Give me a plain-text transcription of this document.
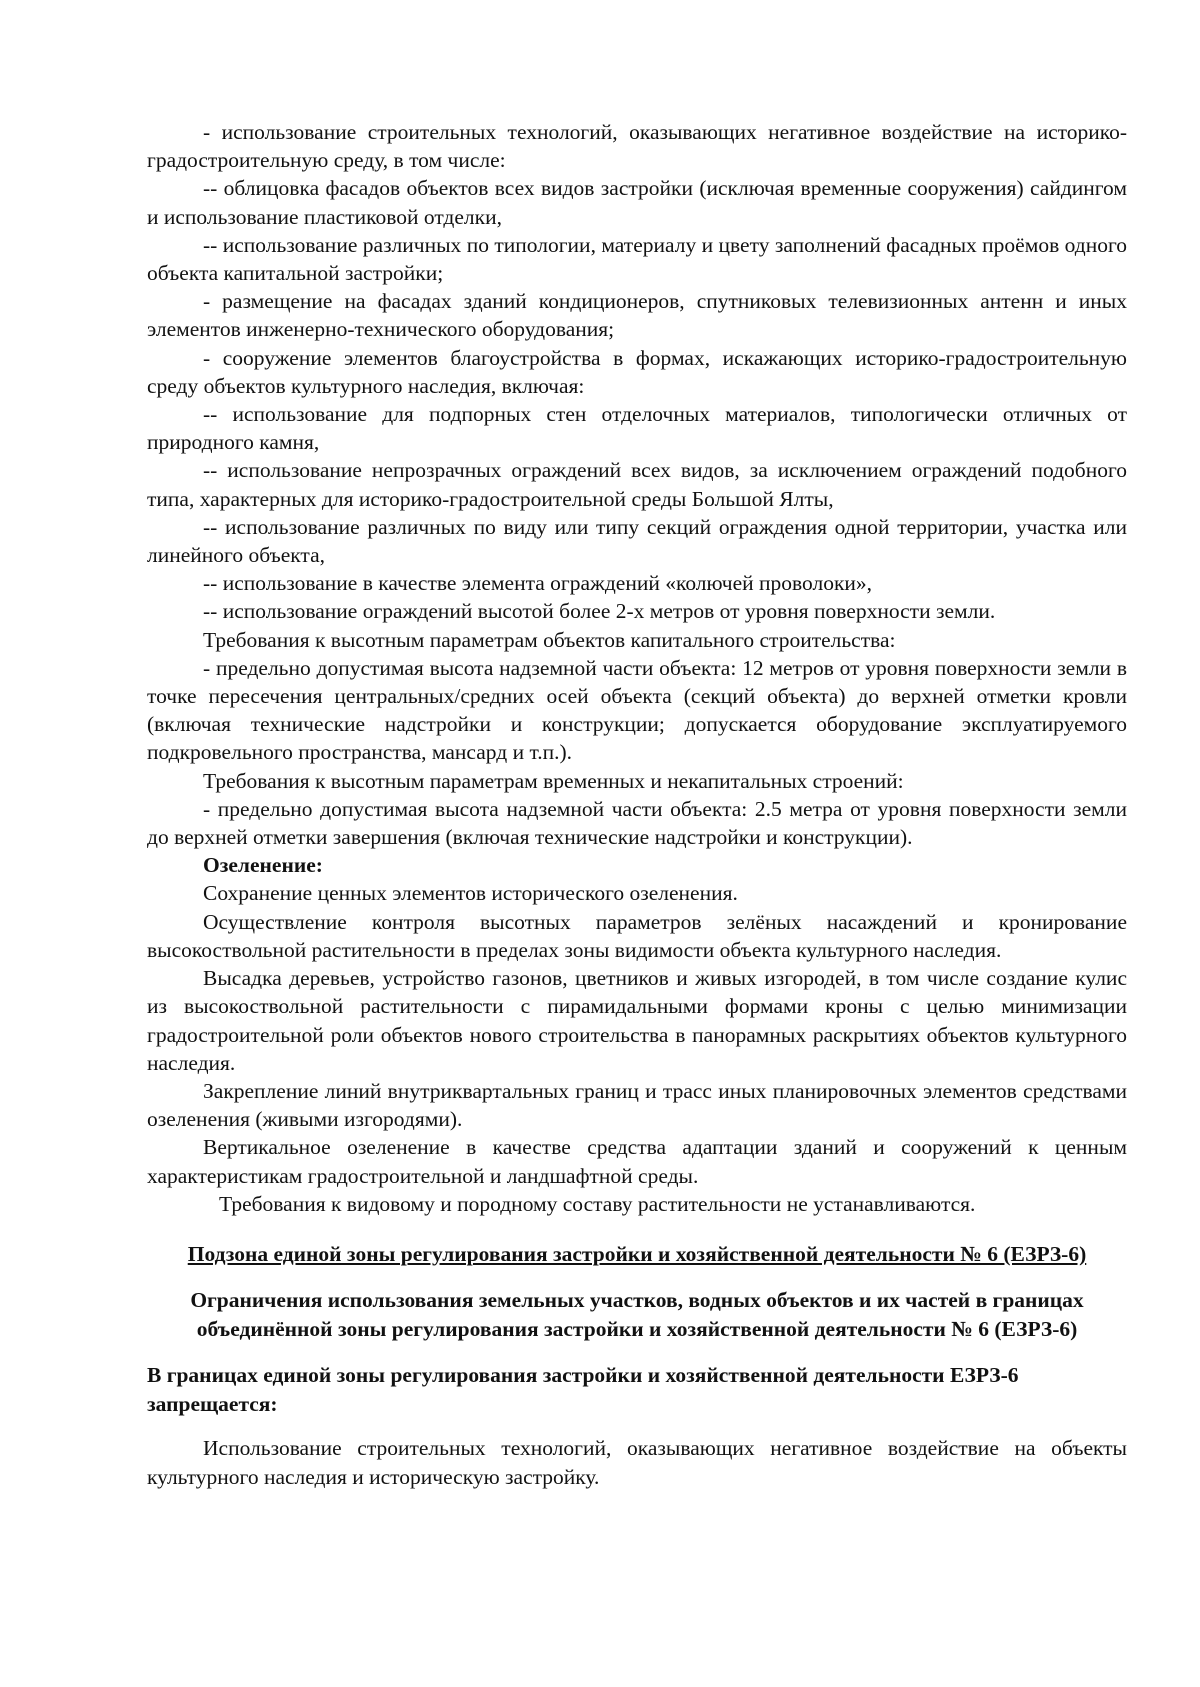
- использование строительных технологий, оказывающих негативное воздействие на историко-градостроительную среду, в том числе:

-- облицовка фасадов объектов всех видов застройки (исключая временные сооружения) сайдингом и использование пластиковой отделки,

-- использование различных по типологии, материалу и цвету заполнений фасадных проёмов одного объекта капитальной застройки;

- размещение на фасадах зданий кондиционеров, спутниковых телевизионных антенн и иных элементов инженерно-технического оборудования;

- сооружение элементов благоустройства в формах, искажающих историко-градостроительную среду объектов культурного наследия, включая:

-- использование для подпорных стен отделочных материалов, типологически отличных от природного камня,

-- использование непрозрачных ограждений всех видов, за исключением ограждений подобного типа, характерных для историко-градостроительной среды Большой Ялты,

-- использование различных по виду или типу секций ограждения одной территории, участка или линейного объекта,

-- использование в качестве элемента ограждений «колючей проволоки»,

-- использование ограждений высотой более 2-х метров от уровня поверхности земли.

Требования к высотным параметрам объектов капитального строительства:

- предельно допустимая высота надземной части объекта: 12 метров от уровня поверхности земли в точке пересечения центральных/средних осей объекта (секций объекта) до верхней отметки кровли (включая технические надстройки и конструкции; допускается оборудование эксплуатируемого подкровельного пространства, мансард и т.п.).

Требования к высотным параметрам временных и некапитальных строений:

- предельно допустимая высота надземной части объекта: 2.5 метра от уровня поверхности земли до верхней отметки завершения (включая технические надстройки и конструкции).

Озеленение:

Сохранение ценных элементов исторического озеленения.

Осуществление контроля высотных параметров зелёных насаждений и кронирование высокоствольной растительности в пределах зоны видимости объекта культурного наследия.

Высадка деревьев, устройство газонов, цветников и живых изгородей, в том числе создание кулис из высокоствольной растительности с пирамидальными формами кроны с целью минимизации градостроительной роли объектов нового строительства в панорамных раскрытиях объектов культурного наследия.

Закрепление линий внутриквартальных границ и трасс иных планировочных элементов средствами озеленения (живыми изгородями).

Вертикальное озеленение в качестве средства адаптации зданий и сооружений к ценным характеристикам градостроительной и ландшафтной среды.

Требования к видовому и породному составу растительности не устанавливаются.

Подзона единой зоны регулирования застройки и хозяйственной деятельности № 6 (ЕЗРЗ-6)
Ограничения использования земельных участков, водных объектов и их частей в границах объединённой зоны регулирования застройки и хозяйственной деятельности № 6 (ЕЗРЗ-6)
В границах единой зоны регулирования застройки и хозяйственной деятельности ЕЗРЗ-6 запрещается:

Использование строительных технологий, оказывающих негативное воздействие на объекты культурного наследия и историческую застройку.
